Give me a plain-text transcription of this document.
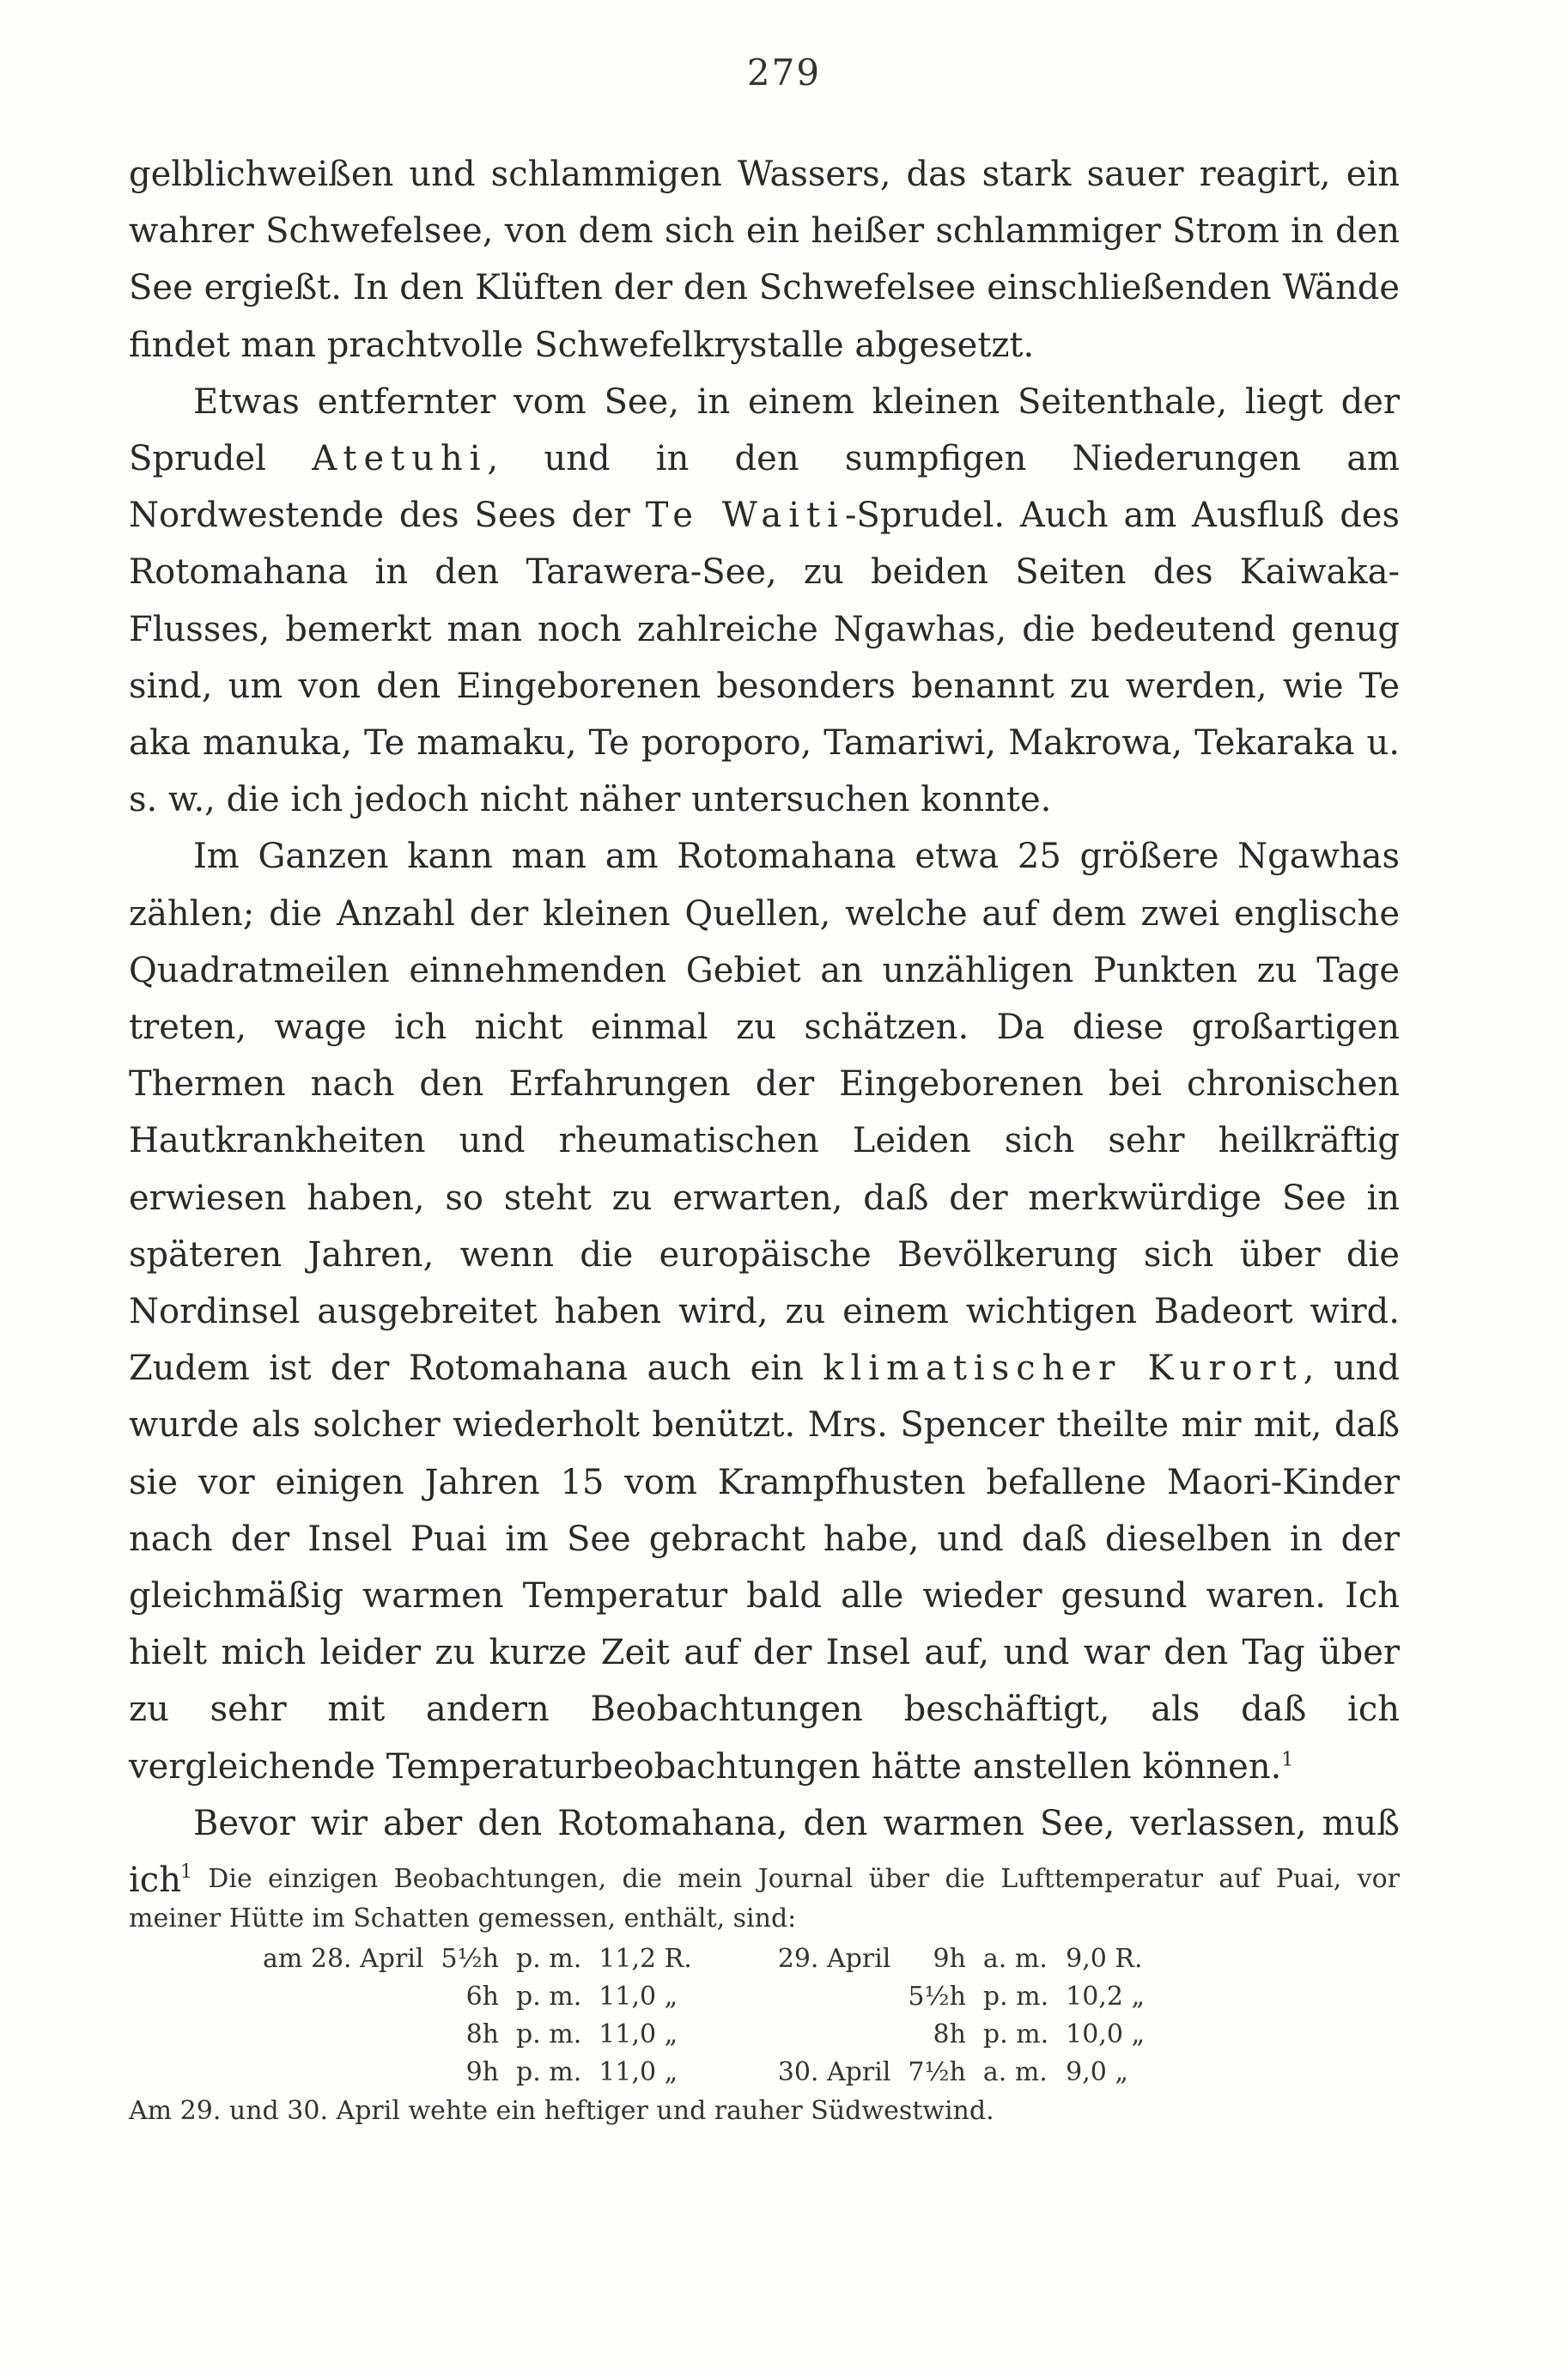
279

gelblichweißen und schlammigen Wassers, das stark sauer reagirt, ein wahrer Schwefelsee, von dem sich ein heißer schlammiger Strom in den See ergießt. In den Klüften der den Schwefelsee einschließenden Wände findet man prachtvolle Schwefelkrystalle abgesetzt.

Etwas entfernter vom See, in einem kleinen Seitenthale, liegt der Sprudel Atetuhi, und in den sumpfigen Niederungen am Nordwestende des Sees der Te Waiti-Sprudel. Auch am Ausfluß des Rotomahana in den Tarawera-See, zu beiden Seiten des Kaiwaka-Flusses, bemerkt man noch zahlreiche Ngawhas, die bedeutend genug sind, um von den Eingeborenen besonders benannt zu werden, wie Te aka manuka, Te mamaku, Te poroporo, Tamariwi, Makrowa, Tekaraka u. s. w., die ich jedoch nicht näher untersuchen konnte.

Im Ganzen kann man am Rotomahana etwa 25 größere Ngawhas zählen; die Anzahl der kleinen Quellen, welche auf dem zwei englische Quadratmeilen einnehmenden Gebiet an unzähligen Punkten zu Tage treten, wage ich nicht einmal zu schätzen. Da diese großartigen Thermen nach den Erfahrungen der Eingeborenen bei chronischen Hautkrankheiten und rheumatischen Leiden sich sehr heilkräftig erwiesen haben, so steht zu erwarten, daß der merkwürdige See in späteren Jahren, wenn die europäische Bevölkerung sich über die Nordinsel ausgebreitet haben wird, zu einem wichtigen Badeort wird. Zudem ist der Rotomahana auch ein klimatischer Kurort, und wurde als solcher wiederholt benützt. Mrs. Spencer theilte mir mit, daß sie vor einigen Jahren 15 vom Krampfhusten befallene Maori-Kinder nach der Insel Puai im See gebracht habe, und daß dieselben in der gleichmäßig warmen Temperatur bald alle wieder gesund waren. Ich hielt mich leider zu kurze Zeit auf der Insel auf, und war den Tag über zu sehr mit andern Beobachtungen beschäftigt, als daß ich vergleichende Temperaturbeobachtungen hätte anstellen können.$^1$

Bevor wir aber den Rotomahana, den warmen See, verlassen, muß ich $^1$ Die einzigen Beobachtungen, die mein Journal über die Lufttemperatur auf Puai, vor meiner Hütte im Schatten gemessen, enthält, sind:

am 28. April	5½h	p. m.	11,2 R.		29. April	9h	a. m.	9,0 R.
	6h	p. m.	11,0 „			5½h	p. m.	10,2 „
	8h	p. m.	11,0 „			8h	p. m.	10,0 „
	9h	p. m.	11,0 „		30. April	7½h	a. m.	9,0 „

Am 29. und 30. April wehte ein heftiger und rauher Südwestwind.
